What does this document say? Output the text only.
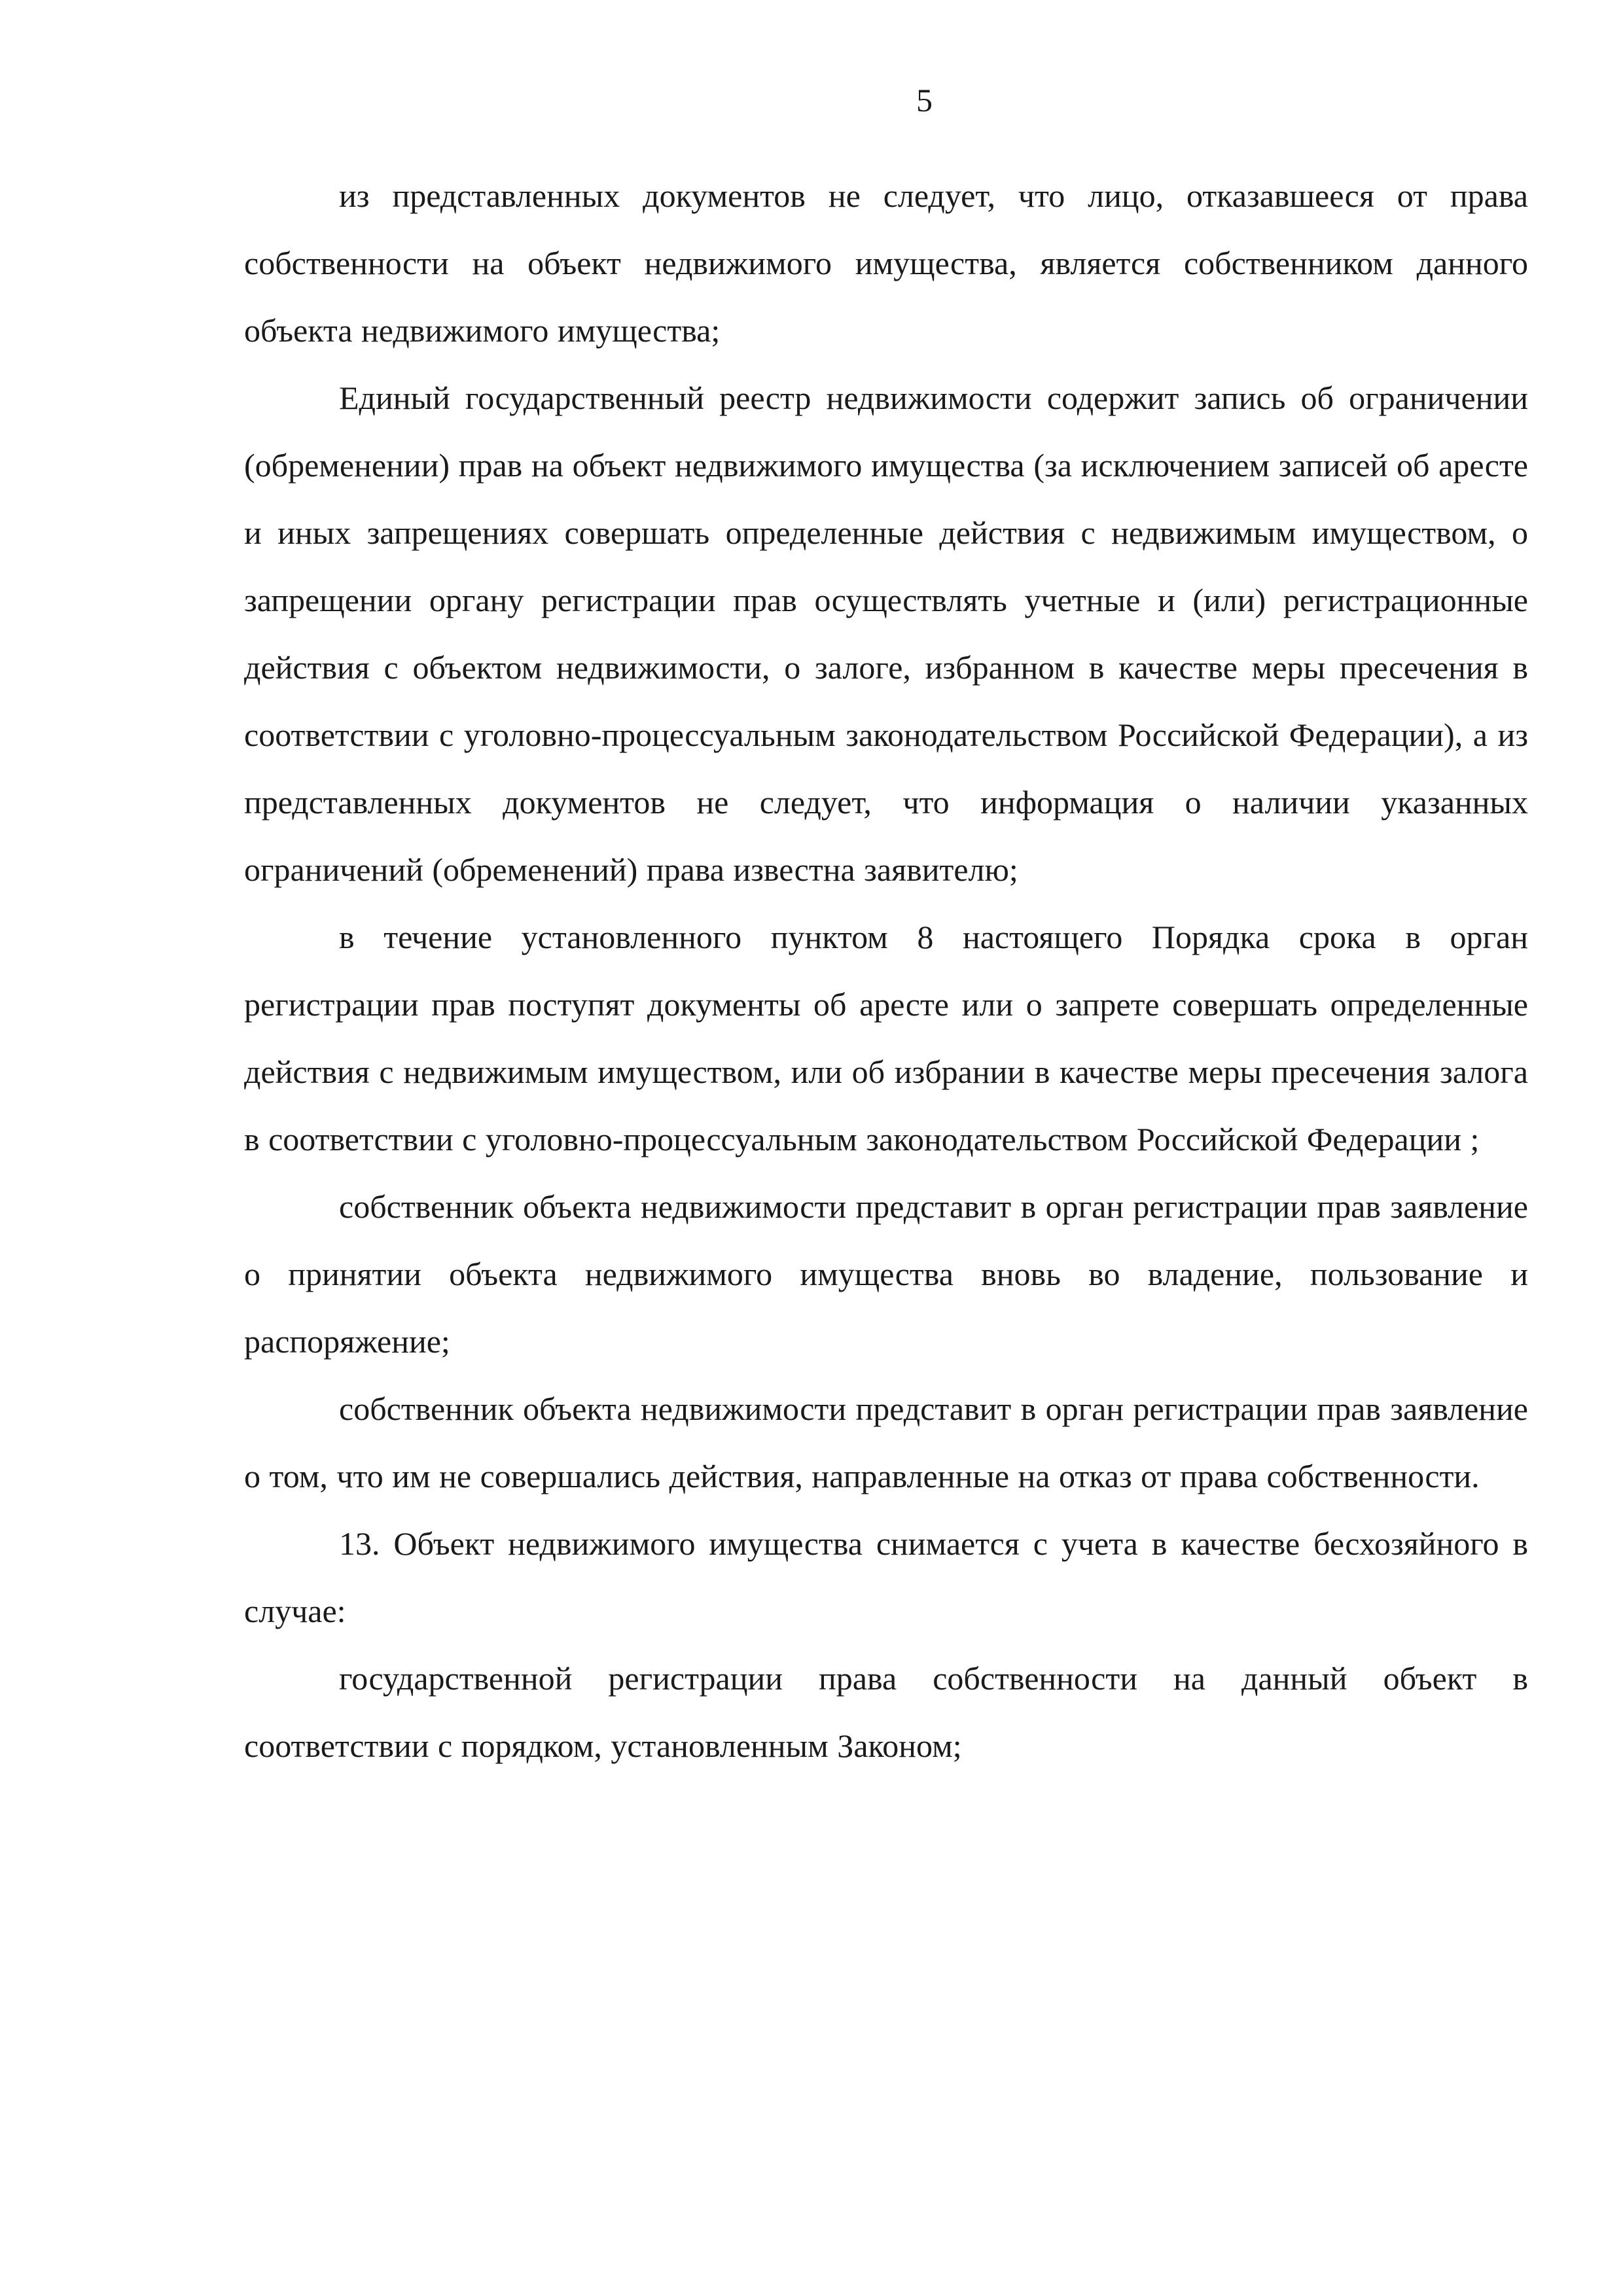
5

из представленных документов не следует, что лицо, отказавшееся от права собственности на объект недвижимого имущества, является собственником данного объекта недвижимого имущества;

Единый государственный реестр недвижимости содержит запись об ограничении (обременении) прав на объект недвижимого имущества (за исключением записей об аресте и иных запрещениях совершать определенные действия с недвижимым имуществом, о запрещении органу регистрации прав осуществлять учетные и (или) регистрационные действия с объектом недвижимости, о залоге, избранном в качестве меры пресечения в соответствии с уголовно-процессуальным законодательством Российской Федерации), а из представленных документов не следует, что информация о наличии указанных ограничений (обременений) права известна заявителю;

в течение установленного пунктом 8 настоящего Порядка срока в орган регистрации прав поступят документы об аресте или о запрете совершать определенные действия с недвижимым имуществом, или об избрании в качестве меры пресечения залога в соответствии с уголовно-процессуальным законодательством Российской Федерации ;

собственник объекта недвижимости представит в орган регистрации прав заявление о принятии объекта недвижимого имущества вновь во владение, пользование и распоряжение;

собственник объекта недвижимости представит в орган регистрации прав заявление о том, что им не совершались действия, направленные на отказ от права собственности.

13. Объект недвижимого имущества снимается с учета в качестве бесхозяйного в случае:

государственной регистрации права собственности на данный объект в соответствии с порядком, установленным Законом;
